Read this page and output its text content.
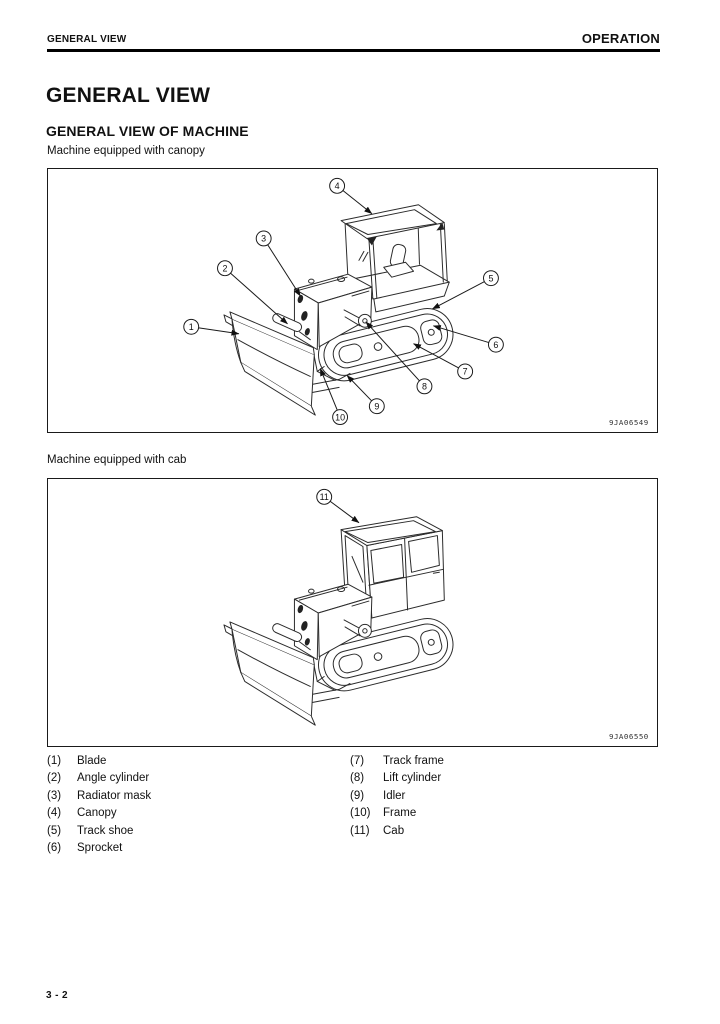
GENERAL VIEW	OPERATION
GENERAL VIEW
GENERAL VIEW OF MACHINE
Machine equipped with canopy
1
2
3
4
5
6
7
8
9
10
9JA06549
Machine equipped with cab
11
9JA06550
(1) Blade
(2) Angle cylinder
(3) Radiator mask
(4) Canopy
(5) Track shoe
(6) Sprocket
(7) Track frame
(8) Lift cylinder
(9) Idler
(10) Frame
(11) Cab
3 - 2
